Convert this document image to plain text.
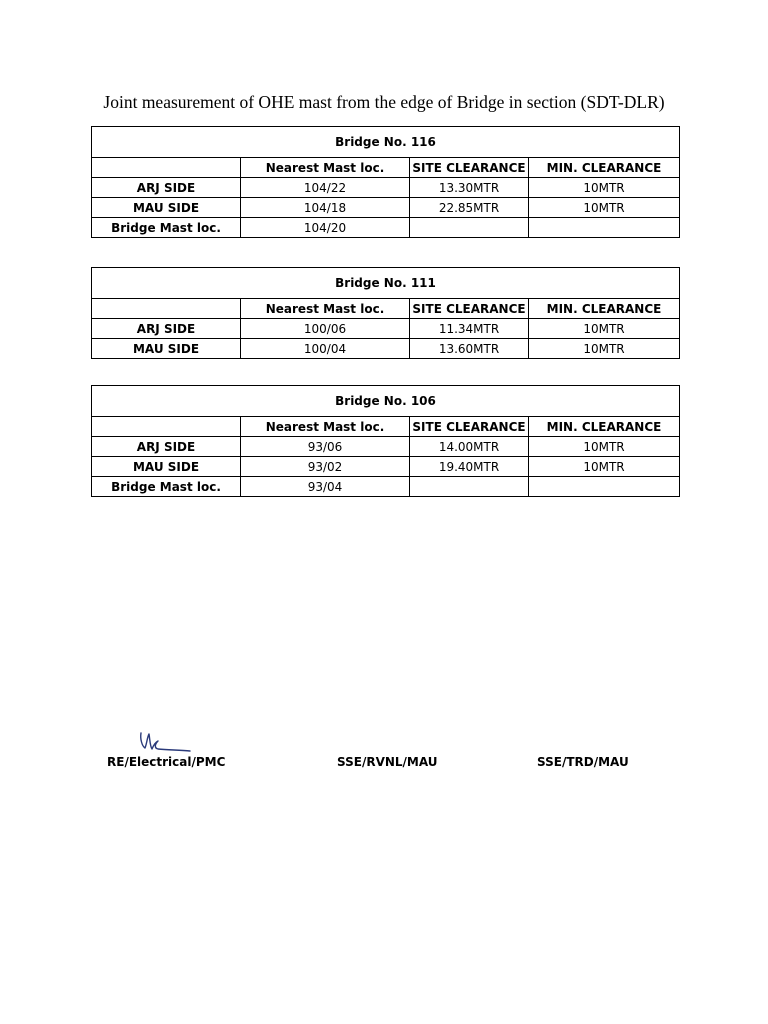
Joint measurement of OHE mast from the edge of Bridge in section (SDT-DLR)
Bridge No. 116			
	Nearest Mast loc.	SITE CLEARANCE	MIN. CLEARANCE
ARJ SIDE	104/22	13.30MTR	10MTR
MAU SIDE	104/18	22.85MTR	10MTR
Bridge Mast loc.	104/20		
Bridge No. 111			
	Nearest Mast loc.	SITE CLEARANCE	MIN. CLEARANCE
ARJ SIDE	100/06	11.34MTR	10MTR
MAU SIDE	100/04	13.60MTR	10MTR
Bridge No. 106			
	Nearest Mast loc.	SITE CLEARANCE	MIN. CLEARANCE
ARJ SIDE	93/06	14.00MTR	10MTR
MAU SIDE	93/02	19.40MTR	10MTR
Bridge Mast loc.	93/04		
RE/Electrical/PMC	SSE/RVNL/MAU	SSE/TRD/MAU
